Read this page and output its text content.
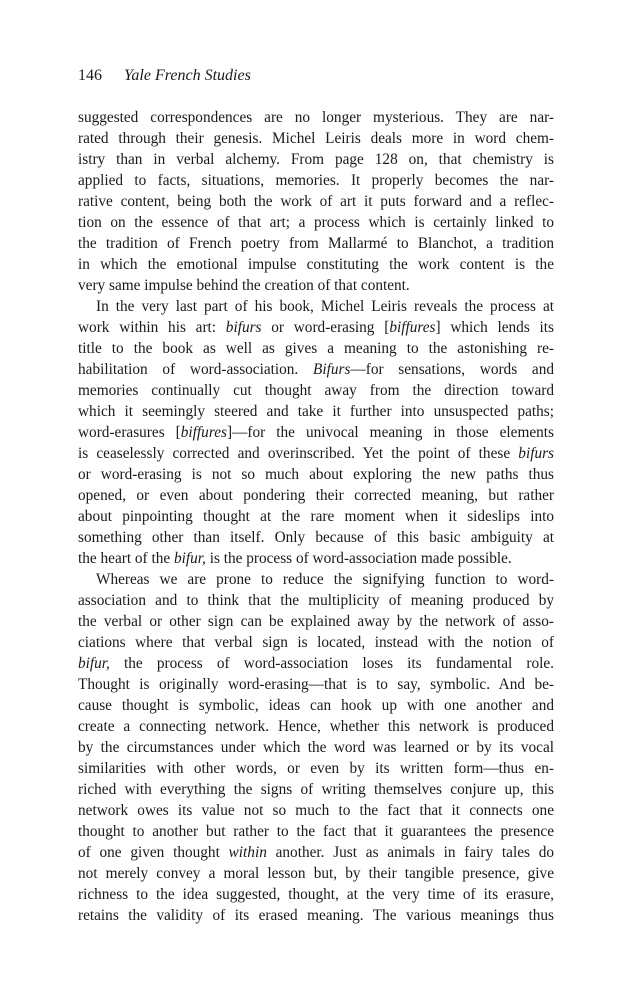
146 Yale French Studies
suggested correspondences are no longer mysterious. They are nar-
rated through their genesis. Michel Leiris deals more in word chem-
istry than in verbal alchemy. From page 128 on, that chemistry is
applied to facts, situations, memories. It properly becomes the nar-
rative content, being both the work of art it puts forward and a reflec-
tion on the essence of that art; a process which is certainly linked to
the tradition of French poetry from Mallarmé to Blanchot, a tradition
in which the emotional impulse constituting the work content is the
very same impulse behind the creation of that content.
In the very last part of his book, Michel Leiris reveals the process at
work within his art: bifurs or word-erasing [biffures] which lends its
title to the book as well as gives a meaning to the astonishing re-
habilitation of word-association. Bifurs—for sensations, words and
memories continually cut thought away from the direction toward
which it seemingly steered and take it further into unsuspected paths;
word-erasures [biffures]—for the univocal meaning in those elements
is ceaselessly corrected and overinscribed. Yet the point of these bifurs
or word-erasing is not so much about exploring the new paths thus
opened, or even about pondering their corrected meaning, but rather
about pinpointing thought at the rare moment when it sideslips into
something other than itself. Only because of this basic ambiguity at
the heart of the bifur, is the process of word-association made possible.
Whereas we are prone to reduce the signifying function to word-
association and to think that the multiplicity of meaning produced by
the verbal or other sign can be explained away by the network of asso-
ciations where that verbal sign is located, instead with the notion of
bifur, the process of word-association loses its fundamental role.
Thought is originally word-erasing—that is to say, symbolic. And be-
cause thought is symbolic, ideas can hook up with one another and
create a connecting network. Hence, whether this network is produced
by the circumstances under which the word was learned or by its vocal
similarities with other words, or even by its written form—thus en-
riched with everything the signs of writing themselves conjure up, this
network owes its value not so much to the fact that it connects one
thought to another but rather to the fact that it guarantees the presence
of one given thought within another. Just as animals in fairy tales do
not merely convey a moral lesson but, by their tangible presence, give
richness to the idea suggested, thought, at the very time of its erasure,
retains the validity of its erased meaning. The various meanings thus
